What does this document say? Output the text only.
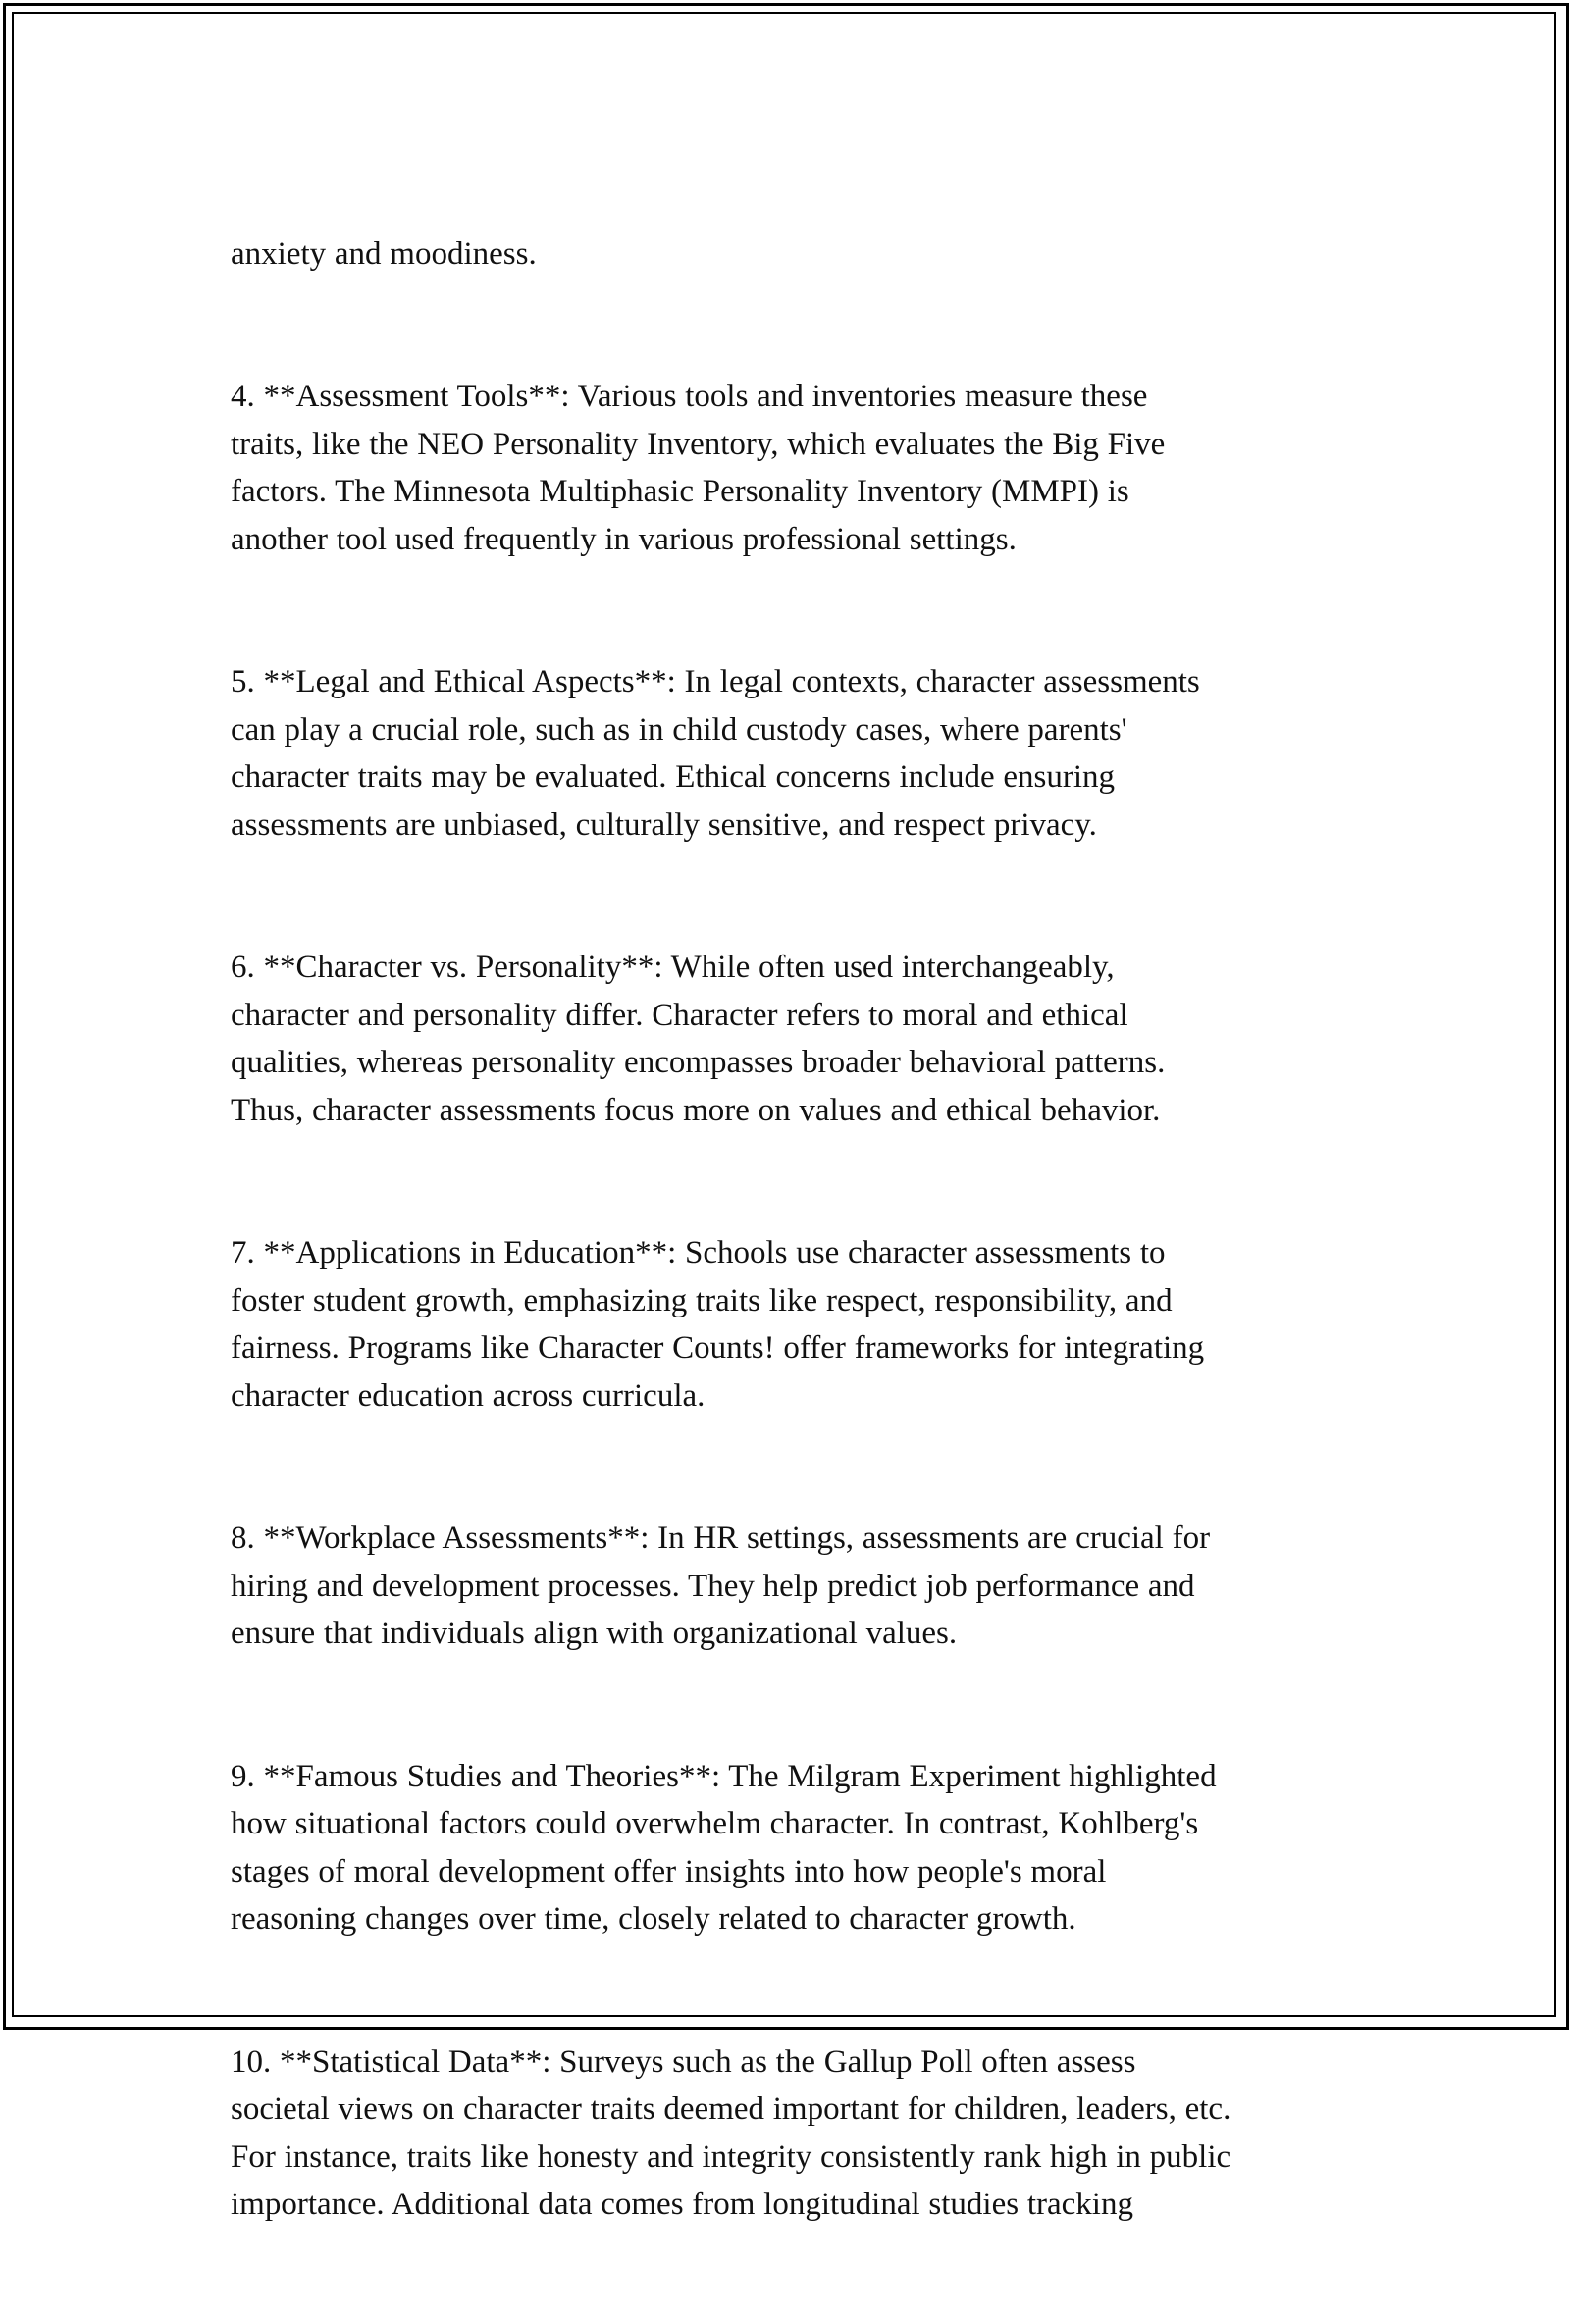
anxiety and moodiness.

4. **Assessment Tools**: Various tools and inventories measure these
traits, like the NEO Personality Inventory, which evaluates the Big Five
factors. The Minnesota Multiphasic Personality Inventory (MMPI) is
another tool used frequently in various professional settings.

5. **Legal and Ethical Aspects**: In legal contexts, character assessments
can play a crucial role, such as in child custody cases, where parents'
character traits may be evaluated. Ethical concerns include ensuring
assessments are unbiased, culturally sensitive, and respect privacy.

6. **Character vs. Personality**: While often used interchangeably,
character and personality differ. Character refers to moral and ethical
qualities, whereas personality encompasses broader behavioral patterns.
Thus, character assessments focus more on values and ethical behavior.

7. **Applications in Education**: Schools use character assessments to
foster student growth, emphasizing traits like respect, responsibility, and
fairness. Programs like Character Counts! offer frameworks for integrating
character education across curricula.

8. **Workplace Assessments**: In HR settings, assessments are crucial for
hiring and development processes. They help predict job performance and
ensure that individuals align with organizational values.

9. **Famous Studies and Theories**: The Milgram Experiment highlighted
how situational factors could overwhelm character. In contrast, Kohlberg's
stages of moral development offer insights into how people's moral
reasoning changes over time, closely related to character growth.

10. **Statistical Data**: Surveys such as the Gallup Poll often assess
societal views on character traits deemed important for children, leaders, etc.
For instance, traits like honesty and integrity consistently rank high in public
importance. Additional data comes from longitudinal studies tracking
